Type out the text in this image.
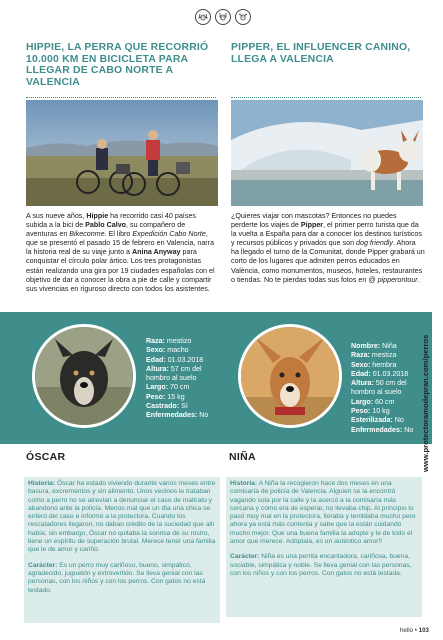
HIPPIE, LA PERRA QUE RECORRIÓ 10.000 KM EN BICICLETA PARA LLEGAR DE CABO NORTE A VALENCIA
A sus nueve años, Hippie ha recorrido casi 40 países subida a la bici de Pablo Calvo, su compañero de aventuras en Bikeconme. El libro Expedición Cabo Norte, que se presentó el pasado 15 de febrero en Valencia, narra la historia real de su viaje junto a Anina Anyway para conquistar el círculo polar ártico. Los tres protagonistas están realizando una gira por 19 ciudades españolas con el objetivo de dar a conocer la obra a pie de calle y compartir sus vivencias en riguroso directo con todos los asistentes.
PIPPER, EL INFLUENCER CANINO, LLEGA A VALENCIA
¿Quieres viajar con mascotas? Entonces no puedes perderte los viajes de Pipper, el primer perro turista que da la vuelta a España para dar a conocer los destinos turísticos y recursos públicos y privados que son dog friendly. Ahora ha llegado el turno de la Comunitat, donde Pipper grabará un corto de los lugares que admiten perros educados en València, como monumentos, museos, hoteles, restaurantes o tiendas. No te pierdas todas sus fotos en @ pipperontour.
Raza: mestizo
Sexo: macho
Edad: 01.03.2018
Altura: 57 cm del hombro al suelo
Largo: 70 cm
Peso: 15 kg
Castrado: Sí
Enfermedades: No
Nombre: Niña
Raza: mestiza
Sexo: hembra
Edad: 01.03.2018
Altura: 50 cm del hombro al suelo
Largo: 60 cm
Peso: 10 kg
Esterilizada: No
Enfermedades: No
ÓSCAR	NIÑA

Historia: Óscar ha estado viviendo durante varios meses entre basura, excrementos y sin alimento. Unos vecinos le trataban como a perro no se atrevían a denunciar el caso de maltrato y abandono ante la policía. Menos mal que un día una chica se enteró del caso e informó a la protectora. Cuando los rescatadores llegaron, no daban crédito de la suciedad que allí había; sin embargo, Óscar no quitaba la sonrisa de su rostro, tiene un espíritu de superación brutal. Merece tener una familia que le de amor y cariño.

Carácter: Es un perro muy cariñoso, bueno, simpático, agradecido, juguetón y extrovertido. Se lleva genial con las personas, con los niños y con los perros. Con gatos no está testado.

Historia: A Niña la recogieron hace dos meses en una comisaría de policía de Valencia. Alguien se la encontró vagando sola por la calle y la acercó a la comisaría más cercana y cómo era de esperar, no llevaba chip. Al principio lo pasó muy mal en la protectora, lloraba y temblaba mucho pero ahora ya está más contenta y sabe que la están cuidando mucho mejor. Que una buena familia la adopte y le de todo el amor que merece. Adóptala, es un auténtico amor!!

Carácter: Niña es una perrita encantadora, cariñosa, buena, sociable, simpática y noble. Se lleva genial con las personas, con los niños y con los perros. Con gatos no está testada.

www.protectoramodepran.com/perros
hello • 103
